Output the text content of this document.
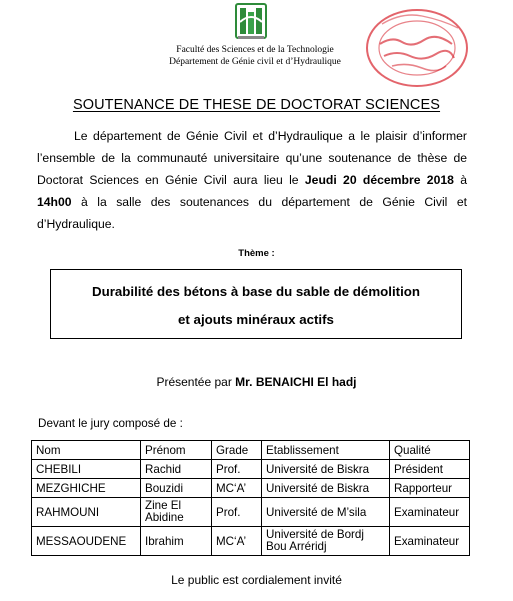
Faculté des Sciences et de la Technologie
Département de Génie civil et d’Hydraulique
SOUTENANCE DE THESE DE DOCTORAT SCIENCES
Le département de Génie Civil et d’Hydraulique a le plaisir d’informer l’ensemble de la communauté universitaire qu’une soutenance de thèse de Doctorat Sciences en Génie Civil aura lieu le Jeudi 20 décembre 2018 à 14h00 à la salle des soutenances du département de Génie Civil et d’Hydraulique.
Thème :
Durabilité des bétons à base du sable de démolition
et ajouts minéraux actifs
Présentée par Mr. BENAICHI El hadj
Devant le jury composé de :
Nom	Prénom	Grade	Etablissement	Qualité
CHEBILI	Rachid	Prof.	Université de Biskra	Président
MEZGHICHE	Bouzidi	MC‘A’	Université de Biskra	Rapporteur
RAHMOUNI	Zine El Abidine	Prof.	Université de M’sila	Examinateur
MESSAOUDENE	Ibrahim	MC‘A’	Université de Bordj Bou Arréridj	Examinateur
Le public est cordialement invité
